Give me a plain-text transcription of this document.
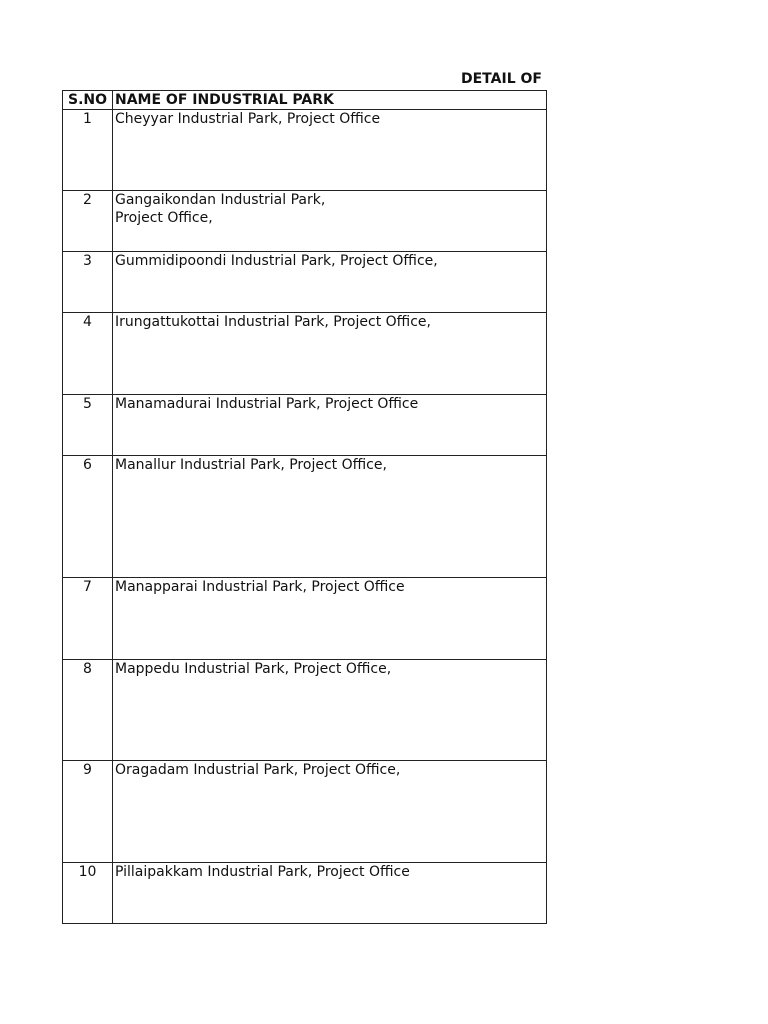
DETAIL OF
S.NO	NAME OF INDUSTRIAL PARK
1	Cheyyar Industrial Park, Project Office

2	Gangaikondan Industrial Park,
Project Office,

3	Gummidipoondi Industrial Park, Project Office,

4	Irungattukottai Industrial Park, Project Office,

5	Manamadurai Industrial Park, Project Office

6	Manallur Industrial Park, Project Office,

7	Manapparai Industrial Park, Project Office

8	Mappedu Industrial Park, Project Office,

9	Oragadam Industrial Park, Project Office,

10	Pillaipakkam Industrial Park, Project Office
